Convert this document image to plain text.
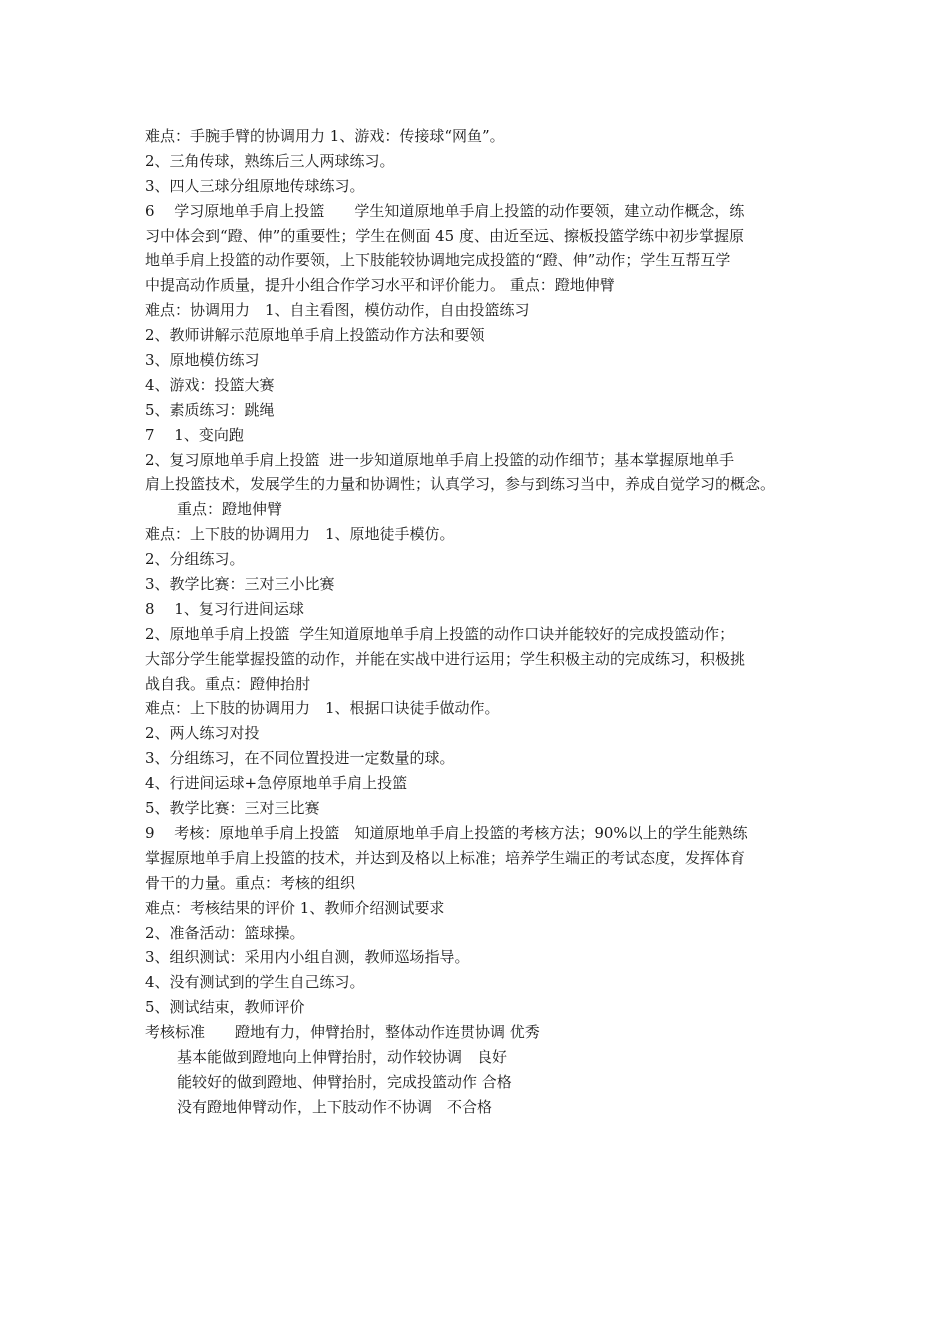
难点：手腕手臂的协调用力 1、游戏：传接球“网鱼”。
2、三角传球，熟练后三人两球练习。
3、四人三球分组原地传球练习。
6　 学习原地单手肩上投篮　　学生知道原地单手肩上投篮的动作要领，建立动作概念，练
习中体会到“蹬、伸”的重要性；学生在侧面 45 度、由近至远、擦板投篮学练中初步掌握原
地单手肩上投篮的动作要领，上下肢能较协调地完成投篮的“蹬、伸”动作；学生互帮互学
中提高动作质量，提升小组合作学习水平和评价能力。 重点：蹬地伸臂
难点：协调用力　1、自主看图，模仿动作，自由投篮练习
2、教师讲解示范原地单手肩上投篮动作方法和要领
3、原地模仿练习
4、游戏：投篮大赛
5、素质练习：跳绳
7　 1、变向跑
2、复习原地单手肩上投篮  进一步知道原地单手肩上投篮的动作细节；基本掌握原地单手
肩上投篮技术，发展学生的力量和协调性；认真学习，参与到练习当中，养成自觉学习的概念。
重点：蹬地伸臂
难点：上下肢的协调用力　1、原地徒手模仿。
2、分组练习。
3、教学比赛：三对三小比赛
8　 1、复习行进间运球
2、原地单手肩上投篮  学生知道原地单手肩上投篮的动作口诀并能较好的完成投篮动作；
大部分学生能掌握投篮的动作，并能在实战中进行运用；学生积极主动的完成练习，积极挑
战自我。重点：蹬伸抬肘
难点：上下肢的协调用力　1、根据口诀徒手做动作。
2、两人练习对投
3、分组练习，在不同位置投进一定数量的球。
4、行进间运球+急停原地单手肩上投篮
5、教学比赛：三对三比赛
9　 考核：原地单手肩上投篮　知道原地单手肩上投篮的考核方法；90%以上的学生能熟练
掌握原地单手肩上投篮的技术，并达到及格以上标准；培养学生端正的考试态度，发挥体育
骨干的力量。重点：考核的组织
难点：考核结果的评价 1、教师介绍测试要求
2、准备活动：篮球操。
3、组织测试：采用内小组自测，教师巡场指导。
4、没有测试到的学生自己练习。
5、测试结束，教师评价
考核标准　　蹬地有力，伸臂抬肘，整体动作连贯协调 优秀
基本能做到蹬地向上伸臂抬肘，动作较协调　良好
能较好的做到蹬地、伸臂抬肘，完成投篮动作 合格
没有蹬地伸臂动作，上下肢动作不协调　不合格
